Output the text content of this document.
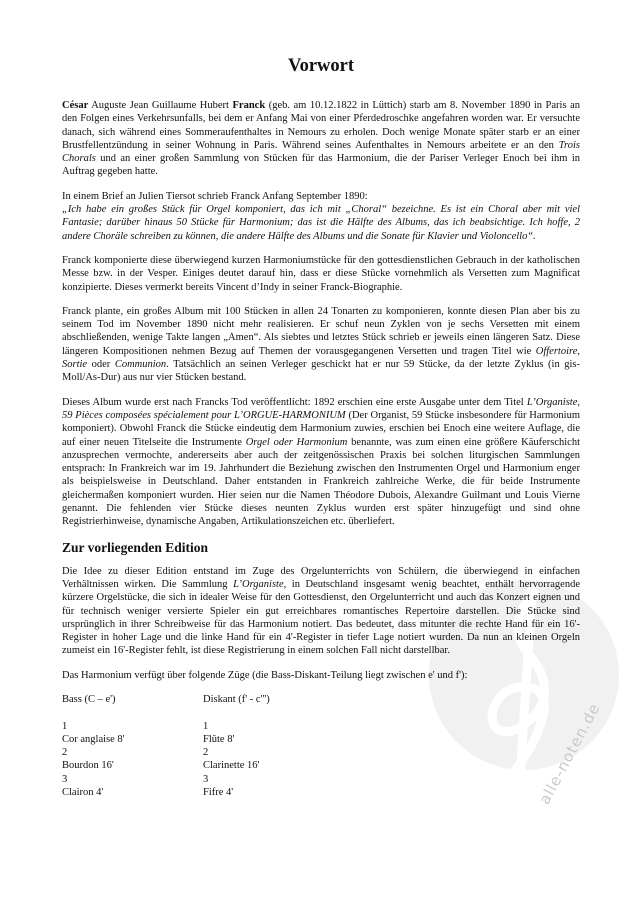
alle-noten.de
Vorwort

César Auguste Jean Guillaume Hubert Franck (geb. am 10.12.1822 in Lüttich) starb am 8. November 1890 in Paris an den Folgen eines Verkehrsunfalls, bei dem er Anfang Mai von einer Pferdedroschke angefahren worden war. Er versuchte danach, sich während eines Sommeraufenthaltes in Nemours zu erholen. Doch wenige Monate später starb er an einer Brustfellentzündung in seiner Wohnung in Paris. Während seines Aufenthaltes in Nemours arbeitete er an den Trois Chorals und an einer großen Sammlung von Stücken für das Harmonium, die der Pariser Verleger Enoch bei ihm in Auftrag gegeben hatte.

In einem Brief an Julien Tiersot schrieb Franck Anfang September 1890:

„Ich habe ein großes Stück für Orgel komponiert, das ich mit „Choral“ bezeichne. Es ist ein Choral aber mit viel Fantasie; darüber hinaus 50 Stücke für Harmonium; das ist die Hälfte des Albums, das ich beabsichtige. Ich hoffe, 2 andere Choräle schreiben zu können, die andere Hälfte des Albums und die Sonate für Klavier und Violoncello“.

Franck komponierte diese überwiegend kurzen Harmoniumstücke für den gottesdienstlichen Gebrauch in der katholischen Messe bzw. in der Vesper. Einiges deutet darauf hin, dass er diese Stücke vornehmlich als Versetten zum Magnificat konzipierte. Dieses vermerkt bereits Vincent d’Indy in seiner Franck-Biographie.

Franck plante, ein großes Album mit 100 Stücken in allen 24 Tonarten zu komponieren, konnte diesen Plan aber bis zu seinem Tod im November 1890 nicht mehr realisieren. Er schuf neun Zyklen von je sechs Versetten mit einem abschließenden, wenige Takte langen „Amen“. Als siebtes und letztes Stück schrieb er jeweils einen längeren Satz. Diese längeren Kompositionen nehmen Bezug auf Themen der vorausgegangenen Versetten und tragen Titel wie Offertoire, Sortie oder Communion. Tatsächlich an seinen Verleger geschickt hat er nur 59 Stücke, da der letzte Zyklus (in gis-Moll/As-Dur) aus nur vier Stücken bestand.

Dieses Album wurde erst nach Francks Tod veröffentlicht: 1892 erschien eine erste Ausgabe unter dem Titel L’Organiste, 59 Pièces composées spécialement pour L’ORGUE-HARMONIUM (Der Organist, 59 Stücke insbesondere für Harmonium komponiert). Obwohl Franck die Stücke eindeutig dem Harmonium zuwies, erschien bei Enoch eine weitere Auflage, die auf einer neuen Titelseite die Instrumente Orgel oder Harmonium benannte, was zum einen eine größere Käuferschicht anzusprechen vermochte, andererseits aber auch der zeitgenössischen Praxis bei solchen liturgischen Sammlungen entsprach: In Frankreich war im 19. Jahrhundert die Beziehung zwischen den Instrumenten Orgel und Harmonium enger als beispielsweise in Deutschland. Daher entstanden in Frankreich zahlreiche Werke, die für beide Instrumente gleichermaßen komponiert wurden. Hier seien nur die Namen Théodore Dubois, Alexandre Guilmant und Louis Vierne genannt. Die fehlenden vier Stücke dieses neunten Zyklus wurden erst später hinzugefügt und sind ohne Registrierhinweise, dynamische Angaben, Artikulationszeichen etc. überliefert.

Zur vorliegenden Edition

Die Idee zu dieser Edition entstand im Zuge des Orgelunterrichts von Schülern, die überwiegend in einfachen Verhältnissen wirken. Die Sammlung L’Organiste, in Deutschland insgesamt wenig beachtet, enthält hervorragende kürzere Orgelstücke, die sich in idealer Weise für den Gottesdienst, den Orgelunterricht und auch das Konzert eignen und für technisch weniger versierte Spieler ein gut erreichbares romantisches Repertoire darstellen. Die Stücke sind ursprünglich in ihrer Schreibweise für das Harmonium notiert. Das bedeutet, dass mitunter die rechte Hand für ein 16'-Register in hoher Lage und die linke Hand für ein 4'-Register in tiefer Lage notiert wurden. Da nun an kleinen Orgeln zumeist ein 16'-Register fehlt, ist diese Registrierung in einem solchen Fall nicht darstellbar.

Das Harmonium verfügt über folgende Züge (die Bass-Diskant-Teilung liegt zwischen e' und f'):

Bass (C – e')
1
Cor anglaise 8'
2
Bourdon 16'
3
Clairon 4'
Diskant (f' - c''')
1
Flûte 8'
2
Clarinette 16'
3
Fifre 4'
